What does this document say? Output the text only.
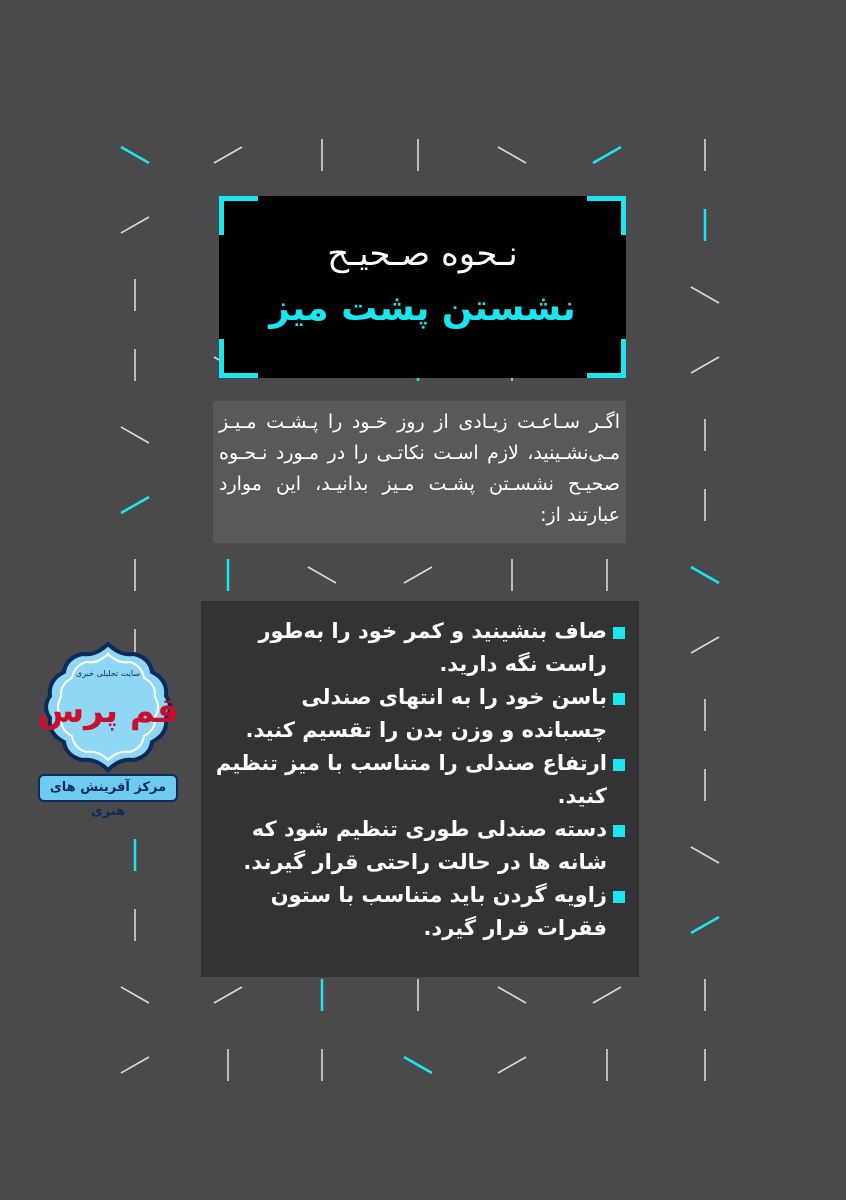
نـحوه صـحیـح
نشستن پشت میز
اگـر سـاعـت زیـادی از روز خـود را پـشـت مـیـز مـی‌نشـینید، لازم اسـت نکاتـی را در مـورد نـحـوه صحیـح نشسـتن پشـت مـیز بدانیـد، این موارد عبارتند از:
صاف بنشینید و کمر خود را به‌طور راست نگه دارید.
باسن خود را به انتهای صندلی چسبانده و وزن بدن را تقسیم کنید.
ارتفاع صندلی را متناسب با میز تنظیم کنید.
دسته صندلی طوری تنظیم شود که شانه ها در حالت راحتی قرار گیرند.
زاویه گردن باید متناسب با ستون فقرات قرار گیرد.
قم پرس
سایت تحلیلی خبری
مرکز آفرینش های هنری
